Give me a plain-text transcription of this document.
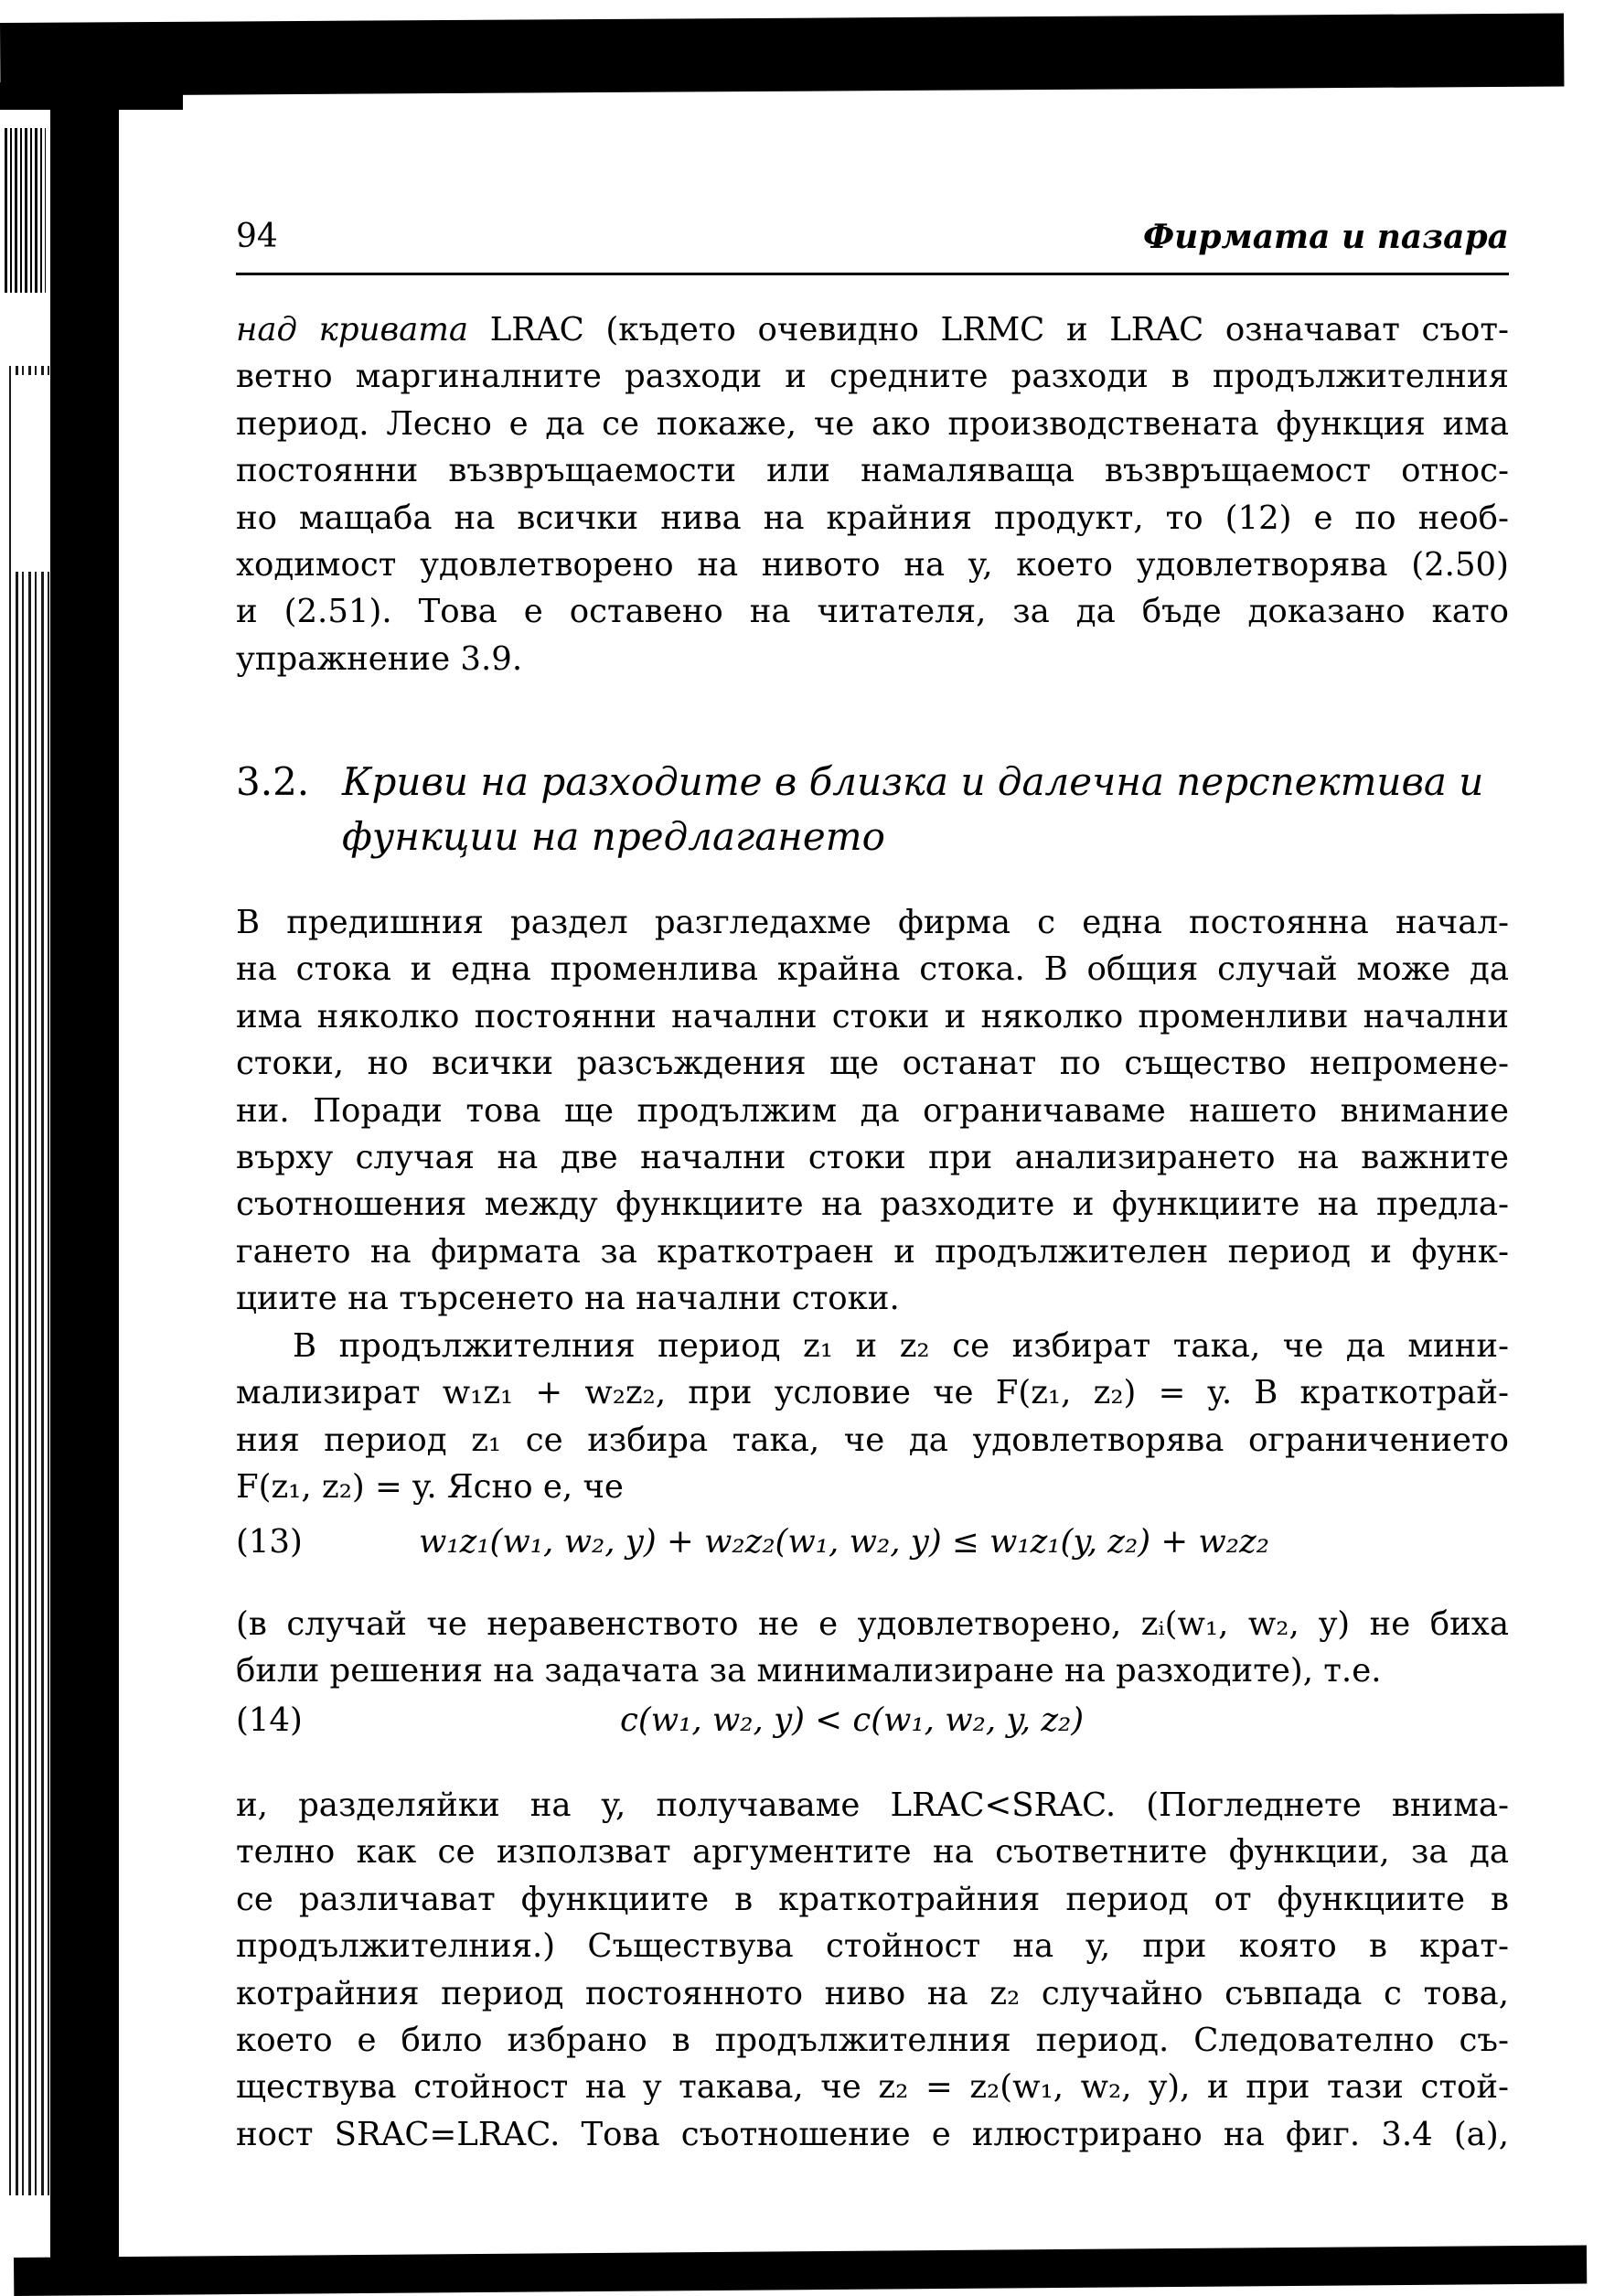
94	Фирмата и пазара
над кривата LRAC (където очевидно LRMC и LRAC означават съот-
ветно маргиналните разходи и средните разходи в продължителния
период. Лесно е да се покаже, че ако производствената функция има
постоянни възвръщаемости или намаляваща възвръщаемост относ-
но мащаба на всички нива на крайния продукт, то (12) е по необ-
ходимост удовлетворено на нивото на y, което удовлетворява (2.50)
и (2.51). Това е оставено на читателя, за да бъде доказано като
упражнение 3.9.
3.2. Криви на разходите в близка и далечна перспектива и
функции на предлагането
В предишния раздел разгледахме фирма с една постоянна начал-
на стока и една променлива крайна стока. В общия случай може да
има няколко постоянни начални стоки и няколко променливи начални
стоки, но всички разсъждения ще останат по същество непромене-
ни. Поради това ще продължим да ограничаваме нашето внимание
върху случая на две начални стоки при анализирането на важните
съотношения между функциите на разходите и функциите на предла-
гането на фирмата за краткотраен и продължителен период и функ-
циите на търсенето на начални стоки.
В продължителния период z₁ и z₂ се избират така, че да мини-
мализират w₁z₁ + w₂z₂, при условие че F(z₁, z₂) = y. В краткотрай-
ния период z₁ се избира така, че да удовлетворява ограничението
F(z₁, z₂) = y. Ясно е, че
(13)	w₁z₁(w₁, w₂, y) + w₂z₂(w₁, w₂, y) ≤ w₁z₁(y, z₂) + w₂z₂
(в случай че неравенството не е удовлетворено, zᵢ(w₁, w₂, y) не биха
били решения на задачата за минимализиране на разходите), т.е.
(14)	c(w₁, w₂, y) < c(w₁, w₂, y, z₂)
и, разделяйки на y, получаваме LRAC<SRAC. (Погледнете внима-
телно как се използват аргументите на съответните функции, за да
се различават функциите в краткотрайния период от функциите в
продължителния.) Съществува стойност на y, при която в крат-
котрайния период постоянното ниво на z₂ случайно съвпада с това,
което е било избрано в продължителния период. Следователно съ-
ществува стойност на y такава, че z₂ = z₂(w₁, w₂, y), и при тази стой-
ност SRAC=LRAC. Това съотношение е илюстрирано на фиг. 3.4 (а),
